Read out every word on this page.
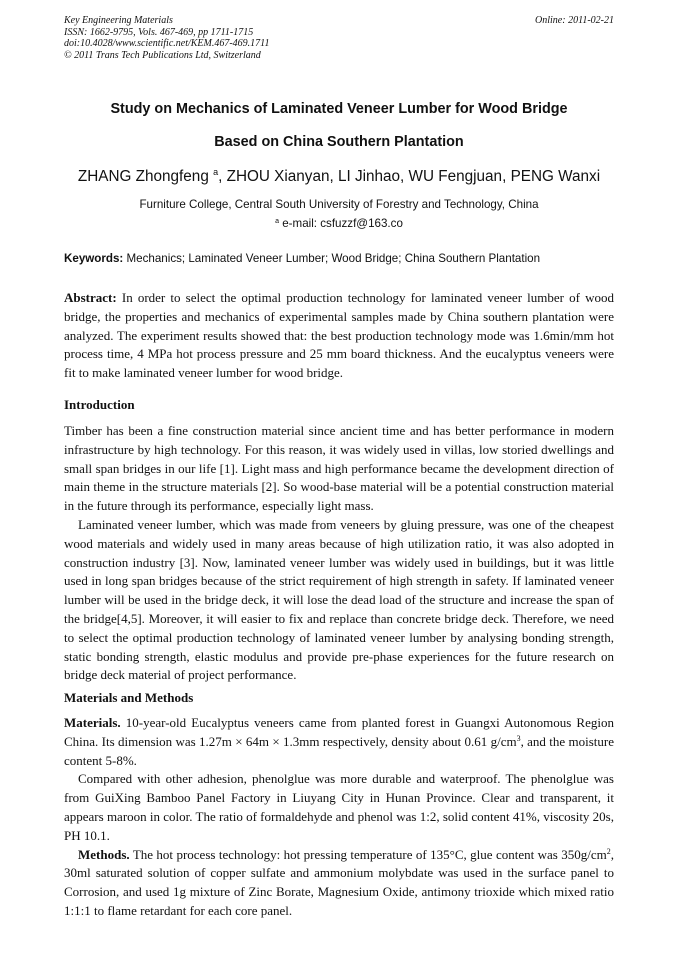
Key Engineering Materials
ISSN: 1662-9795, Vols. 467-469, pp 1711-1715
doi:10.4028/www.scientific.net/KEM.467-469.1711
© 2011 Trans Tech Publications Ltd, Switzerland
Online: 2011-02-21
Study on Mechanics of Laminated Veneer Lumber for Wood Bridge
Based on China Southern Plantation
ZHANG Zhongfeng $^a$, ZHOU Xianyan, LI Jinhao, WU Fengjuan, PENG Wanxi
Furniture College, Central South University of Forestry and Technology, China
$^a$ e-mail: csfuzzf@163.co
Keywords: Mechanics; Laminated Veneer Lumber; Wood Bridge; China Southern Plantation
Abstract: In order to select the optimal production technology for laminated veneer lumber of wood bridge, the properties and mechanics of experimental samples made by China southern plantation were analyzed. The experiment results showed that: the best production technology mode was 1.6min/mm hot process time, 4 MPa hot process pressure and 25 mm board thickness. And the eucalyptus veneers were fit to make laminated veneer lumber for wood bridge.
Introduction

Timber has been a fine construction material since ancient time and has better performance in modern infrastructure by high technology. For this reason, it was widely used in villas, low storied dwellings and small span bridges in our life [1]. Light mass and high performance became the development direction of main theme in the structure materials [2]. So wood-base material will be a potential construction material in the future through its performance, especially light mass.

Laminated veneer lumber, which was made from veneers by gluing pressure, was one of the cheapest wood materials and widely used in many areas because of high utilization ratio, it was also adopted in construction industry [3]. Now, laminated veneer lumber was widely used in buildings, but it was little used in long span bridges because of the strict requirement of high strength in safety. If laminated veneer lumber will be used in the bridge deck, it will lose the dead load of the structure and increase the span of the bridge[4,5]. Moreover, it will easier to fix and replace than concrete bridge deck. Therefore, we need to select the optimal production technology of laminated veneer lumber by analysing bonding strength, static bonding strength, elastic modulus and provide pre-phase experiences for the future research on bridge deck material of project performance.

Materials and Methods

Materials. 10-year-old Eucalyptus veneers came from planted forest in Guangxi Autonomous Region China. Its dimension was 1.27m × 64m × 1.3mm respectively, density about 0.61 $g/cm^3$, and the moisture content 5-8%.

Compared with other adhesion, phenolglue was more durable and waterproof. The phenolglue was from GuiXing Bamboo Panel Factory in Liuyang City in Hunan Province. Clear and transparent, it appears maroon in color. The ratio of formaldehyde and phenol was 1:2, solid content 41%, viscosity 20s, PH 10.1.

Methods. The hot process technology: hot pressing temperature of 135°C, glue content was $350g/cm^2$, 30ml saturated solution of copper sulfate and ammonium molybdate was used in the surface panel to Corrosion, and used 1g mixture of Zinc Borate, Magnesium Oxide, antimony trioxide which mixed ratio 1:1:1 to flame retardant for each core panel.
